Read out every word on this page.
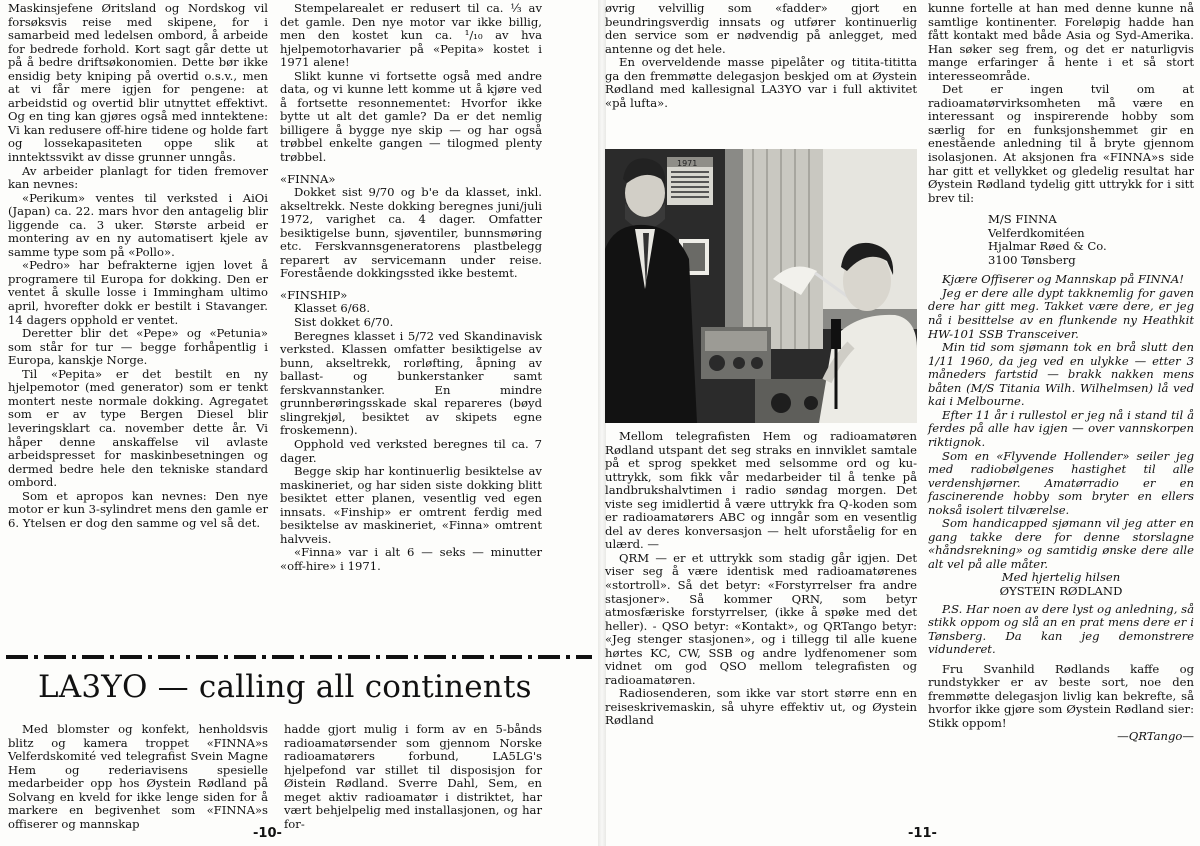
Maskinsjefene Øritsland og Nordskog vil forsøksvis reise med skipene, for i samarbeid med ledelsen ombord, å arbeide for bedrede forhold. Kort sagt går dette ut på å bedre driftsøkonomien. Dette bør ikke ensidig bety kniping på overtid o.s.v., men at vi får mere igjen for pengene: at arbeidstid og overtid blir utnyttet effektivt. Og en ting kan gjøres også med inntektene: Vi kan redusere off-hire tidene og holde fart og lossekapasiteten oppe slik at inntektssvikt av disse grunner unngås.

Av arbeider planlagt for tiden fremover kan nevnes:

«Perikum» ventes til verksted i AiOi (Japan) ca. 22. mars hvor den antagelig blir liggende ca. 3 uker. Største arbeid er montering av en ny automatisert kjele av samme type som på «Pollo».

«Pedro» har befrakterne igjen lovet å programere til Europa for dokking. Den er ventet å skulle losse i Immingham ultimo april, hvorefter dokk er bestilt i Stavanger. 14 dagers opphold er ventet.

Deretter blir det «Pepe» og «Petunia» som står for tur — begge forhåpentlig i Europa, kanskje Norge.

Til «Pepita» er det bestilt en ny hjelpemotor (med generator) som er tenkt montert neste normale dokking. Agregatet som er av type Bergen Diesel blir leveringsklart ca. november dette år. Vi håper denne anskaffelse vil avlaste arbeidspresset for maskinbesetningen og dermed bedre hele den tekniske standard ombord.

Som et apropos kan nevnes: Den nye motor er kun 3-sylindret mens den gamle er 6. Ytelsen er dog den samme og vel så det.

Stempelarealet er redusert til ca. ⅓ av det gamle. Den nye motor var ikke billig, men den kostet kun ca. ¹/₁₀ av hva hjelpemotorhavarier på «Pepita» kostet i 1971 alene!

Slikt kunne vi fortsette også med andre data, og vi kunne lett komme ut å kjøre ved å fortsette resonnementet: Hvorfor ikke bytte ut alt det gamle? Da er det nemlig billigere å bygge nye skip — og har også trøbbel enkelte gangen — tilogmed plenty trøbbel.

«FINNA»

Dokket sist 9/70 og b'e da klasset, inkl. akseltrekk. Neste dokking beregnes juni/juli 1972, varighet ca. 4 dager. Omfatter besiktigelse bunn, sjøventiler, bunnsmøring etc. Ferskvannsgeneratorens plastbelegg reparert av servicemann under reise. Forestående dokkingssted ikke bestemt.

«FINSHIP»

Klasset 6/68.

Sist dokket 6/70.

Beregnes klasset i 5/72 ved Skandinavisk verksted. Klassen omfatter besiktigelse av bunn, akseltrekk, rorløfting, åpning av ballast- og bunkerstanker samt ferskvannstanker. En mindre grunnberøringsskade skal repareres (bøyd slingrekjøl, besiktet av skipets egne froskemenn).

Opphold ved verksted beregnes til ca. 7 dager.

Begge skip har kontinuerlig besiktelse av maskineriet, og har siden siste dokking blitt besiktet etter planen, vesentlig ved egen innsats. «Finship» er omtrent ferdig med besiktelse av maskineriet, «Finna» omtrent halvveis.

«Finna» var i alt 6 — seks — minutter «off-hire» i 1971.

LA3YO — calling all continents

Med blomster og konfekt, henholdsvis blitz og kamera troppet «FINNA»s Velferdskomité ved telegrafist Svein Magne Hem og rederiavisens spesielle medarbeider opp hos Øystein Rødland på Solvang en kveld for ikke lenge siden for å markere en begivenhet som «FINNA»s offiserer og mannskap

hadde gjort mulig i form av en 5-bånds radioamatørsender som gjennom Norske radioamatørers forbund, LA5LG's hjelpefond var stillet til disposisjon for Øistein Rødland. Sverre Dahl, Sem, en meget aktiv radioamatør i distriktet, har vært behjelpelig med installasjonen, og har for-

-10-

øvrig velvillig som «fadder» gjort en beundringsverdig innsats og utfører kontinuerlig den service som er nødvendig på anlegget, med antenne og det hele.

En overveldende masse pipelåter og titita-tititta ga den fremmøtte delegasjon beskjed om at Øystein Rødland med kallesignal LA3YO var i full aktivitet «på lufta».

1971

Mellom telegrafisten Hem og radioamatøren Rødland utspant det seg straks en innviklet samtale på et sprog spekket med selsomme ord og ku-uttrykk, som fikk vår medarbeider til å tenke på landbrukshalvtimen i radio søndag morgen. Det viste seg imidlertid å være uttrykk fra Q-koden som er radioamatørers ABC og inngår som en vesentlig del av deres konversasjon — helt uforståelig for en ulærd. —

QRM — er et uttrykk som stadig går igjen. Det viser seg å være identisk med radioamatørenes «stortroll». Så det betyr: «Forstyrrelser fra andre stasjoner». Så kommer QRN, som betyr atmosfæriske forstyrrelser, (ikke å spøke med det heller). - QSO betyr: «Kontakt», og QRTango betyr: «Jeg stenger stasjonen», og i tillegg til alle kuene hørtes KC, CW, SSB og andre lydfenomener som vidnet om god QSO mellom telegrafisten og radioamatøren.

Radiosenderen, som ikke var stort større enn en reiseskrivemaskin, så uhyre effektiv ut, og Øystein Rødland

kunne fortelle at han med denne kunne nå samtlige kontinenter. Foreløpig hadde han fått kontakt med både Asia og Syd-Amerika. Han søker seg frem, og det er naturligvis mange erfaringer å hente i et så stort interesseområde.

Det er ingen tvil om at radioamatørvirksomheten må være en interessant og inspirerende hobby som særlig for en funksjonshemmet gir en enestående anledning til å bryte gjennom isolasjonen. At aksjonen fra «FINNA»s side har gitt et vellykket og gledelig resultat har Øystein Rødland tydelig gitt uttrykk for i sitt brev til:

M/S FINNA

Velferdkomitéen

Hjalmar Røed & Co.

3100 Tønsberg

Kjære Offiserer og Mannskap på FINNA!

Jeg er dere alle dypt takknemlig for gaven dere har gitt meg. Takket være dere, er jeg nå i besittelse av en flunkende ny Heathkit HW-101 SSB Transceiver.

Min tid som sjømann tok en brå slutt den 1/11 1960, da jeg ved en ulykke — etter 3 måneders fartstid — brakk nakken mens båten (M/S Titania Wilh. Wilhelmsen) lå ved kai i Melbourne.

Efter 11 år i rullestol er jeg nå i stand til å ferdes på alle hav igjen — over vannskorpen riktignok.

Som en «Flyvende Hollender» seiler jeg med radiobølgenes hastighet til alle verdenshjørner. Amatørradio er en fascinerende hobby som bryter en ellers nokså isolert tilværelse.

Som handicapped sjømann vil jeg atter en gang takke dere for denne storslagne «håndsrekning» og samtidig ønske dere alle alt vel på alle måter.

Med hjertelig hilsen

ØYSTEIN RØDLAND

P.S. Har noen av dere lyst og anledning, så stikk oppom og slå an en prat mens dere er i Tønsberg. Da kan jeg demonstrere vidunderet.

Fru Svanhild Rødlands kaffe og rundstykker er av beste sort, noe den fremmøtte delegasjon livlig kan bekrefte, så hvorfor ikke gjøre som Øystein Rødland sier: Stikk oppom!

—QRTango—

-11-
